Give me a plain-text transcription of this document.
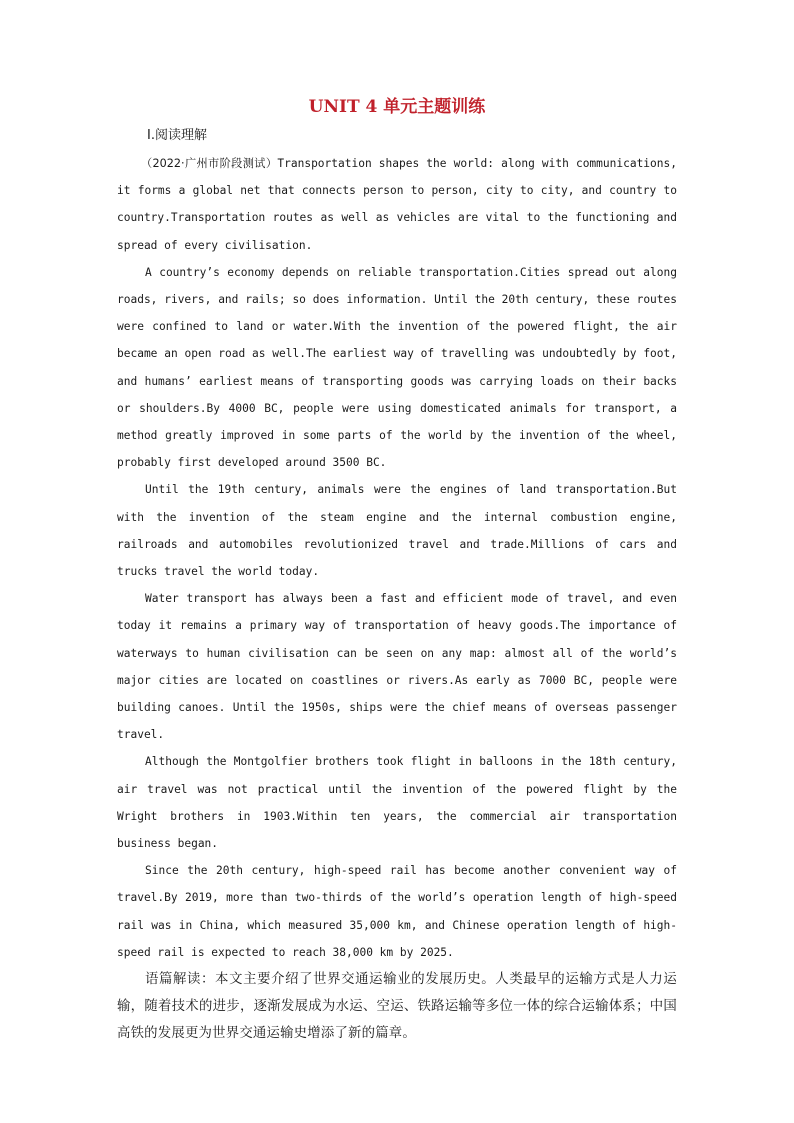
UNIT 4 单元主题训练
Ⅰ.阅读理解

（2022·广州市阶段测试）Transportation shapes the world: along with communications, it forms a global net that connects person to person, city to city, and country to country.Transportation routes as well as vehicles are vital to the functioning and spread of every civilisation.

A country’s economy depends on reliable transportation.Cities spread out along roads, rivers, and rails; so does information. Until the 20th century, these routes were confined to land or water.With the invention of the powered flight, the air became an open road as well.The earliest way of travelling was undoubtedly by foot, and humans’ earliest means of transporting goods was carrying loads on their backs or shoulders.By 4000 BC, people were using domesticated animals for transport, a method greatly improved in some parts of the world by the invention of the wheel, probably first developed around 3500 BC.

Until the 19th century, animals were the engines of land transportation.But with the invention of the steam engine and the internal combustion engine, railroads and automobiles revolutionized travel and trade.Millions of cars and trucks travel the world today.

Water transport has always been a fast and efficient mode of travel, and even today it remains a primary way of transportation of heavy goods.The importance of waterways to human civilisation can be seen on any map: almost all of the world’s major cities are located on coastlines or rivers.As early as 7000 BC, people were building canoes. Until the 1950s, ships were the chief means of overseas passenger travel.

Although the Montgolfier brothers took flight in balloons in the 18th century, air travel was not practical until the invention of the powered flight by the Wright brothers in 1903.Within ten years, the commercial air transportation business began.

Since the 20th century, high-speed rail has become another convenient way of travel.By 2019, more than two-thirds of the world’s operation length of high-speed rail was in China, which measured 35,000 km, and Chinese operation length of high-speed rail is expected to reach 38,000 km by 2025.

语篇解读：本文主要介绍了世界交通运输业的发展历史。人类最早的运输方式是人力运输，随着技术的进步，逐渐发展成为水运、空运、铁路运输等多位一体的综合运输体系；中国高铁的发展更为世界交通运输史增添了新的篇章。
